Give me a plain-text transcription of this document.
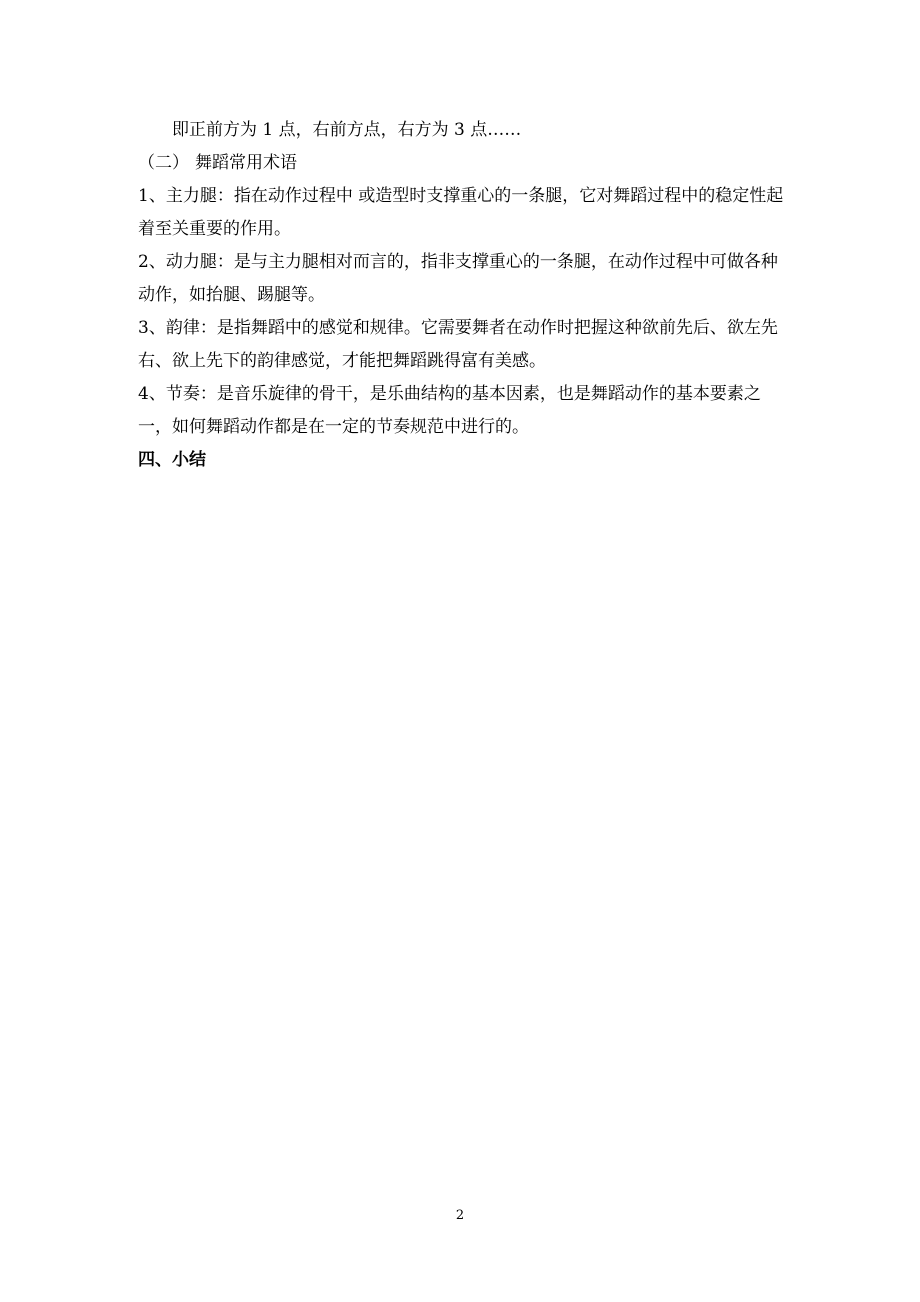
即正前方为 1 点，右前方点，右方为 3 点……

（二） 舞蹈常用术语

1、主力腿：指在动作过程中 或造型时支撑重心的一条腿，它对舞蹈过程中的稳定性起着至关重要的作用。

2、动力腿：是与主力腿相对而言的，指非支撑重心的一条腿，在动作过程中可做各种动作，如抬腿、踢腿等。

3、韵律：是指舞蹈中的感觉和规律。它需要舞者在动作时把握这种欲前先后、欲左先右、欲上先下的韵律感觉，才能把舞蹈跳得富有美感。

4、节奏：是音乐旋律的骨干，是乐曲结构的基本因素，也是舞蹈动作的基本要素之一，如何舞蹈动作都是在一定的节奏规范中进行的。

四、小结

2
